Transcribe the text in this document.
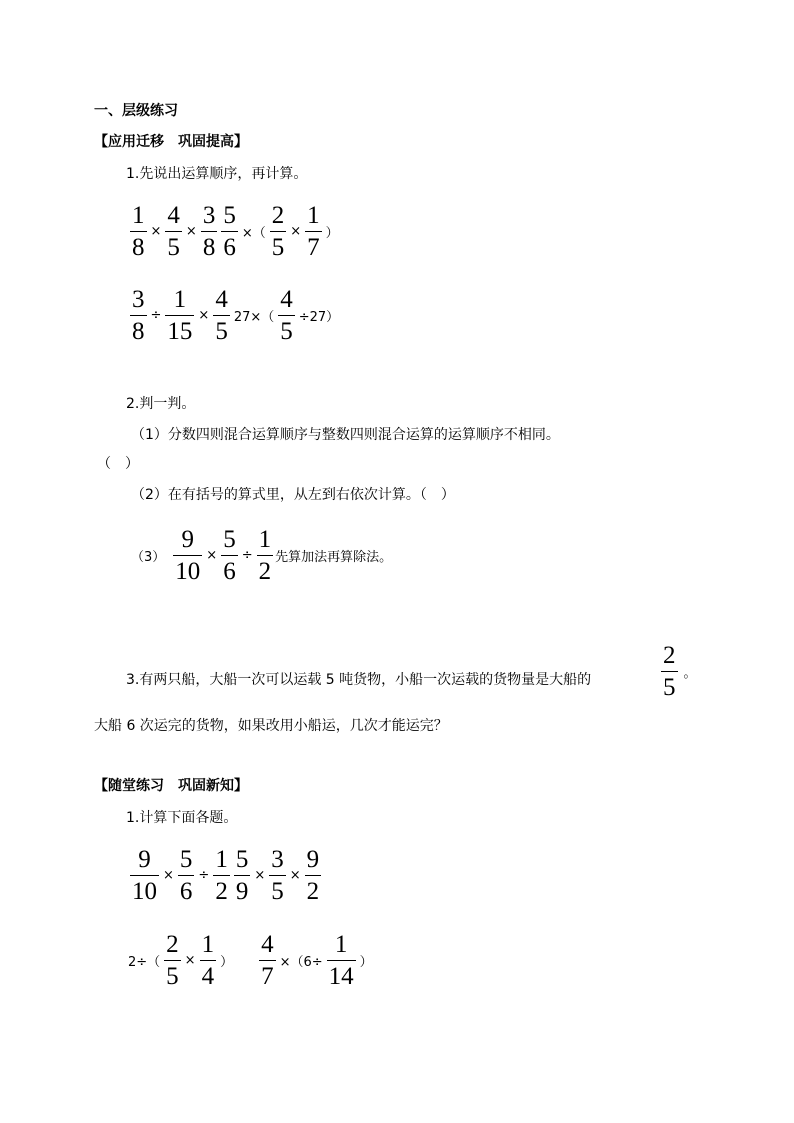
一、层级练习
【应用迁移　巩固提高】
1.先说出运算顺序，再计算。
$\frac{1}{8} \times \frac{4}{5} \times \frac{3}{8} \frac{5}{6}$ ×（ $\frac{2}{5} \times \frac{1}{7}$ ）
$\frac{3}{8} \div \frac{1}{15} \times \frac{4}{5} 27\times( \frac{4}{5} \div 27)$
2.判一判。
（1）分数四则混合运算顺序与整数四则混合运算的运算顺序不相同。
（　）
（2）在有括号的算式里，从左到右依次计算。（　）
$(3) \frac{9}{10} \times \frac{5}{6} \div \frac{1}{2}$ 先算加法再算除法。
3.有两只船，大船一次可以运载 5 吨货物，小船一次运载的货物量是大船的	$\frac{2}{5}$ 。
大船 6 次运完的货物，如果改用小船运，几次才能运完？
【随堂练习　巩固新知】
1.计算下面各题。
$\frac{9}{10} \times \frac{5}{6} \div \frac{1}{2} \frac{5}{9} \times \frac{3}{5} \times \frac{9}{2}$
$2\div( \frac{2}{5} \times \frac{1}{4}$ ） $\frac{4}{7} \times(6\div \frac{1}{14}$ ）
